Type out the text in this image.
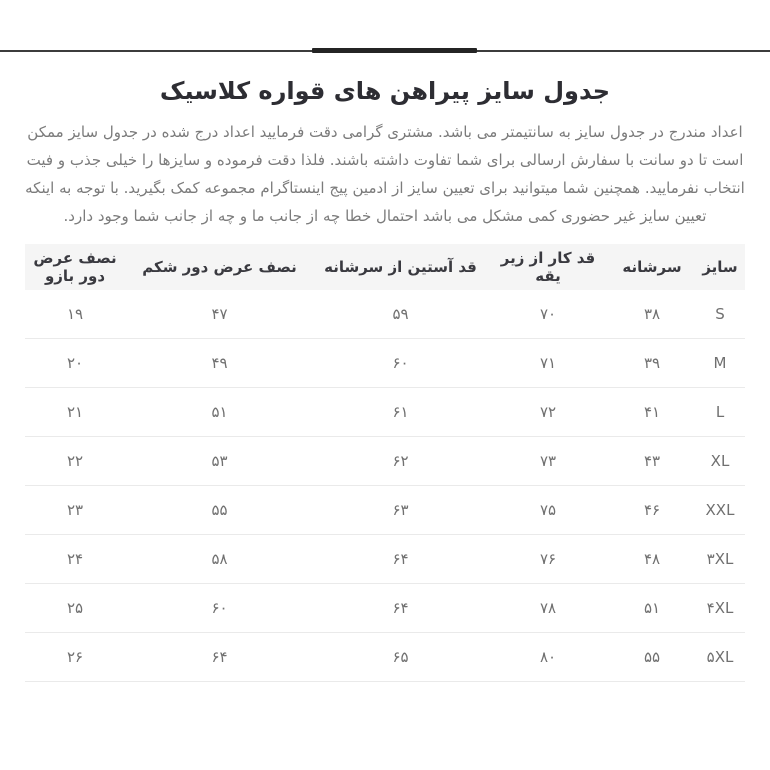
جدول سایز پیراهن های قواره کلاسیک

اعداد مندرج در جدول سایز به سانتیمتر می باشد. مشتری گرامی دقت فرمایید اعداد درج شده در جدول سایز ممکن است تا دو سانت با سفارش ارسالی برای شما تفاوت داشته باشند. فلذا دقت فرموده و سایزها را خیلی جذب و فیت انتخاب نفرمایید. همچنین شما میتوانید برای تعیین سایز از ادمین پیج اینستاگرام مجموعه کمک بگیرید. با توجه به اینکه تعیین سایز غیر حضوری کمی مشکل می باشد احتمال خطا چه از جانب ما و چه از جانب شما وجود دارد.

سایز	سرشانه	قد کار از زیر یقه	قد آستین از سرشانه	نصف عرض دور شکم	نصف عرض دور بازو
S	۳۸	۷۰	۵۹	۴۷	۱۹
M	۳۹	۷۱	۶۰	۴۹	۲۰
L	۴۱	۷۲	۶۱	۵۱	۲۱
XL	۴۳	۷۳	۶۲	۵۳	۲۲
XXL	۴۶	۷۵	۶۳	۵۵	۲۳
۳XL	۴۸	۷۶	۶۴	۵۸	۲۴
۴XL	۵۱	۷۸	۶۴	۶۰	۲۵
۵XL	۵۵	۸۰	۶۵	۶۴	۲۶
